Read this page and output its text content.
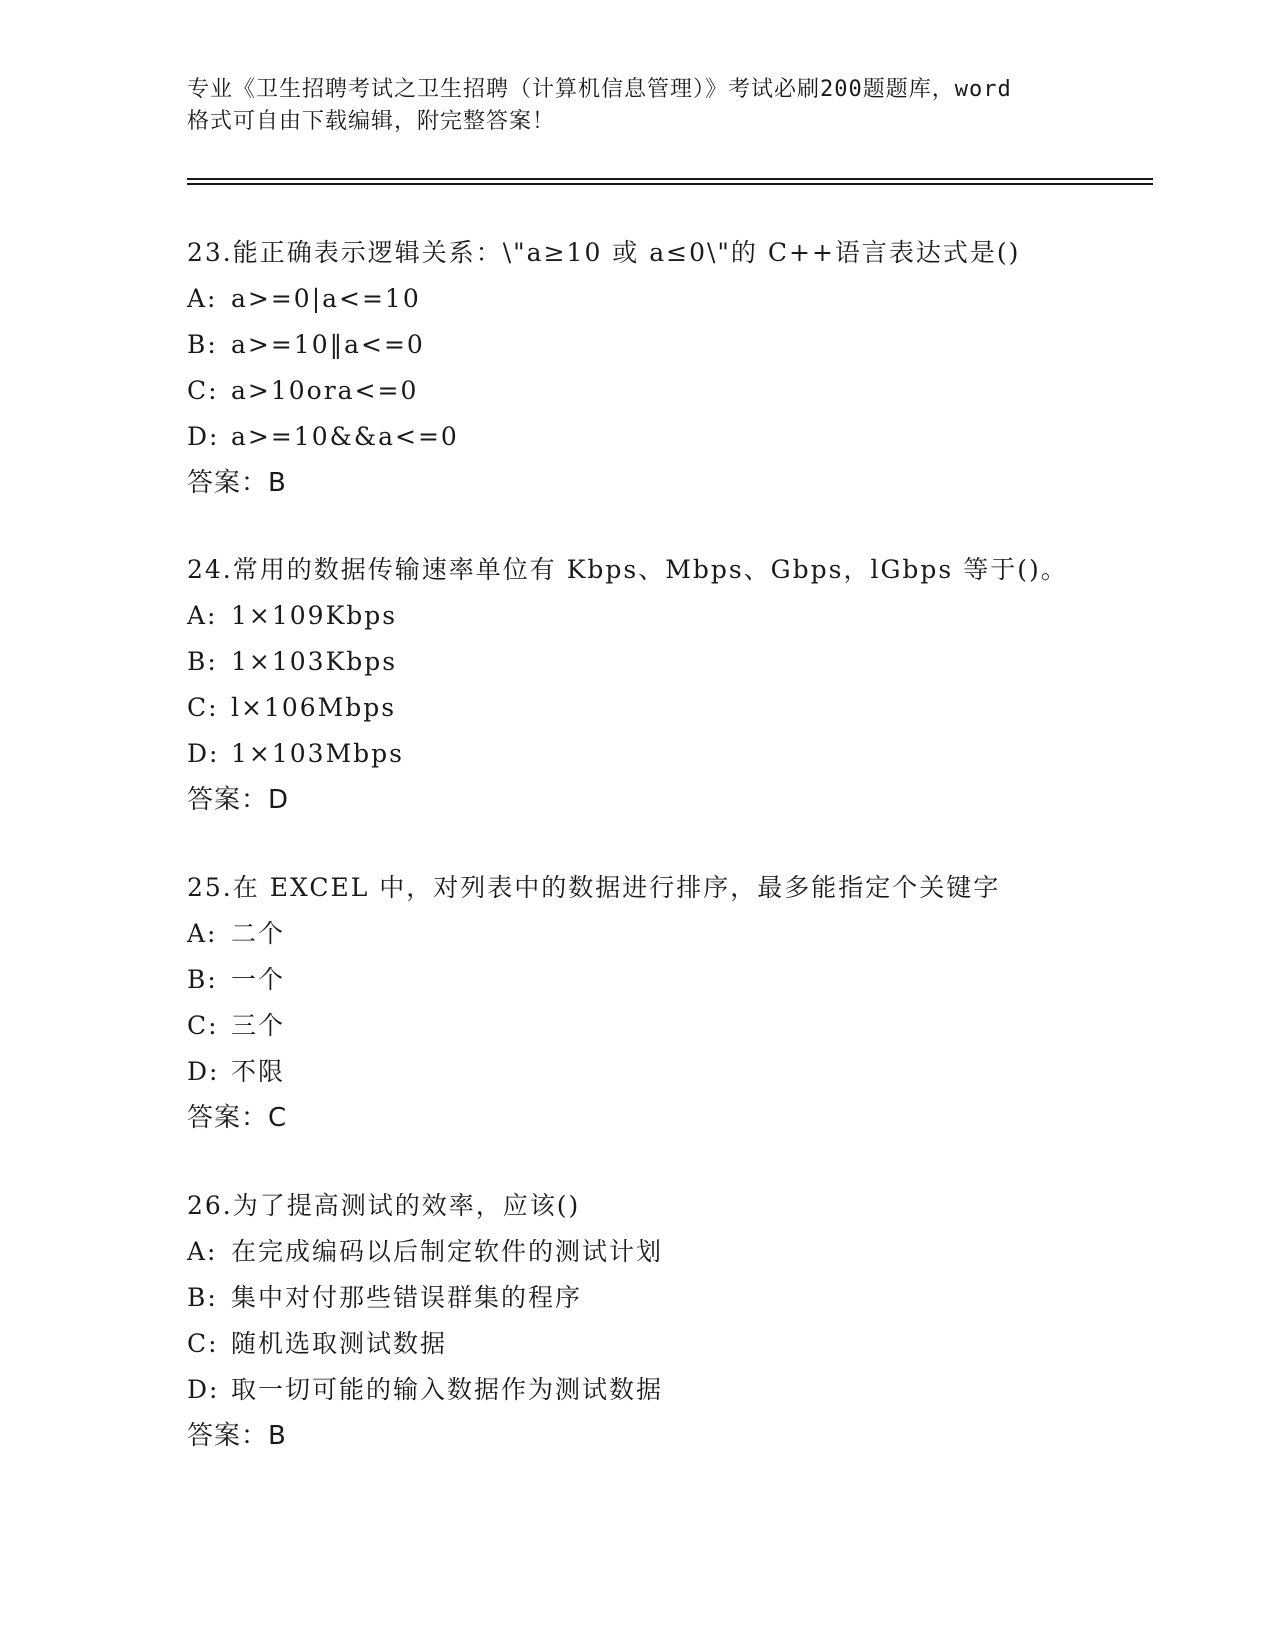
专业《卫生招聘考试之卫生招聘（计算机信息管理）》考试必刷200题题库，word
格式可自由下载编辑，附完整答案！
23.能正确表示逻辑关系：\"a≥10 或 a≤0\"的 C++语言表达式是()
A: a>=0|a<=10
B: a>=10‖a<=0
C: a>10ora<=0
D: a>=10&&a<=0
答案：B
24.常用的数据传输速率单位有 Kbps、Mbps、Gbps，lGbps 等于()。
A: 1×109Kbps
B: 1×103Kbps
C: l×106Mbps
D: 1×103Mbps
答案：D
25.在 EXCEL 中，对列表中的数据进行排序，最多能指定个关键字
A: 二个
B: 一个
C: 三个
D: 不限
答案：C
26.为了提高测试的效率，应该()
A: 在完成编码以后制定软件的测试计划
B: 集中对付那些错误群集的程序
C: 随机选取测试数据
D: 取一切可能的输入数据作为测试数据
答案：B
